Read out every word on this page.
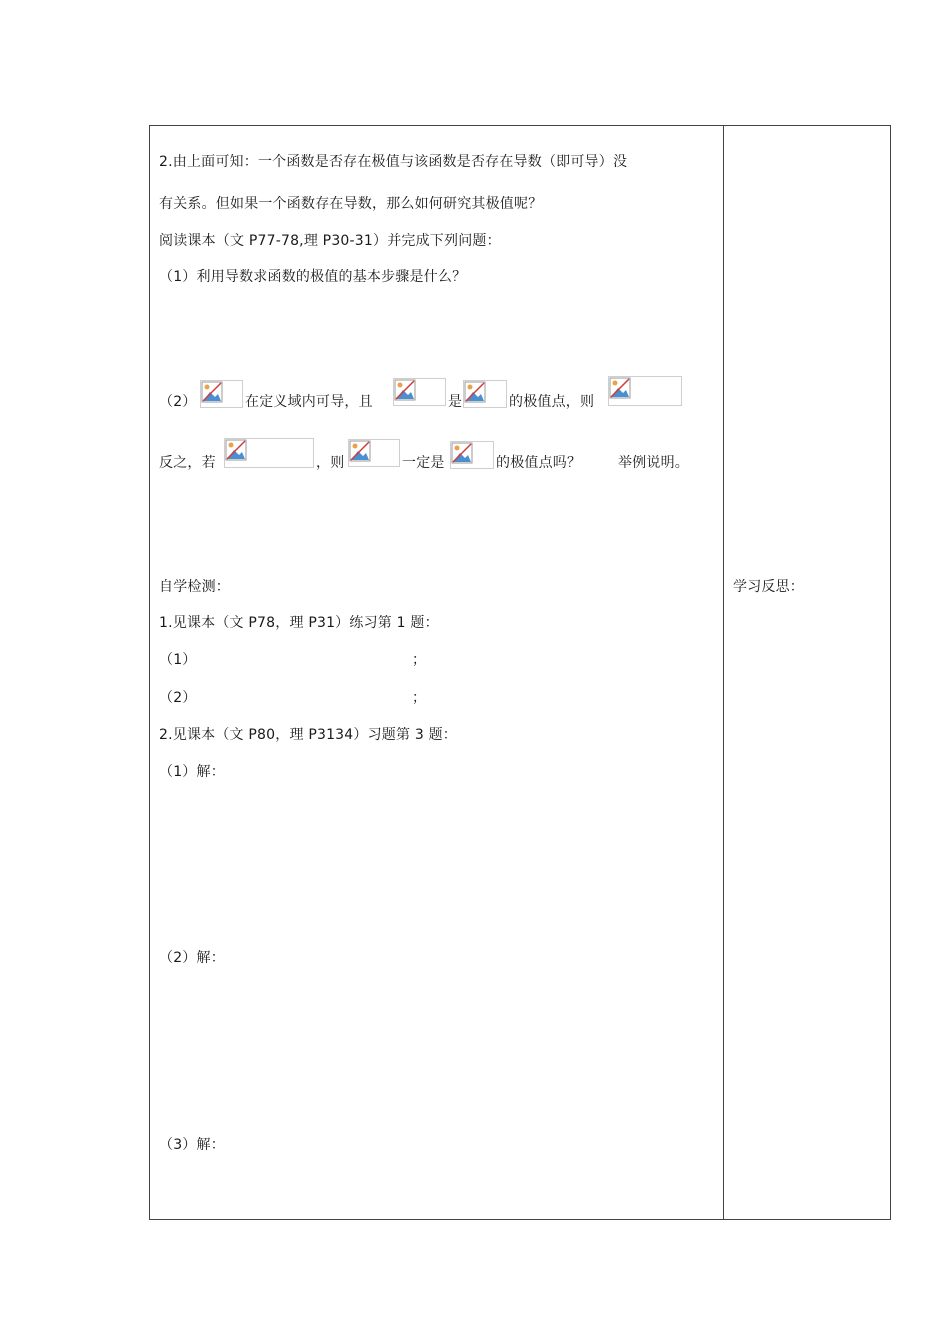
2.由上面可知：一个函数是否存在极值与该函数是否存在导数（即可导）没
有关系。但如果一个函数存在导数，那么如何研究其极值呢？
阅读课本（文 P77-78,理 P30-31）并完成下列问题：
（1）利用导数求函数的极值的基本步骤是什么？
（2）	在定义域内可导，且	是	的极值点，则
反之，若	，则	一定是	的极值点吗？	举例说明。
自学检测：
1.见课本（文 P78，理 P31）练习第 1 题：
（1）	；
（2）	；
2.见课本（文 P80，理 P3134）习题第 3 题：
（1）解：
（2）解：
（3）解：
学习反思：
